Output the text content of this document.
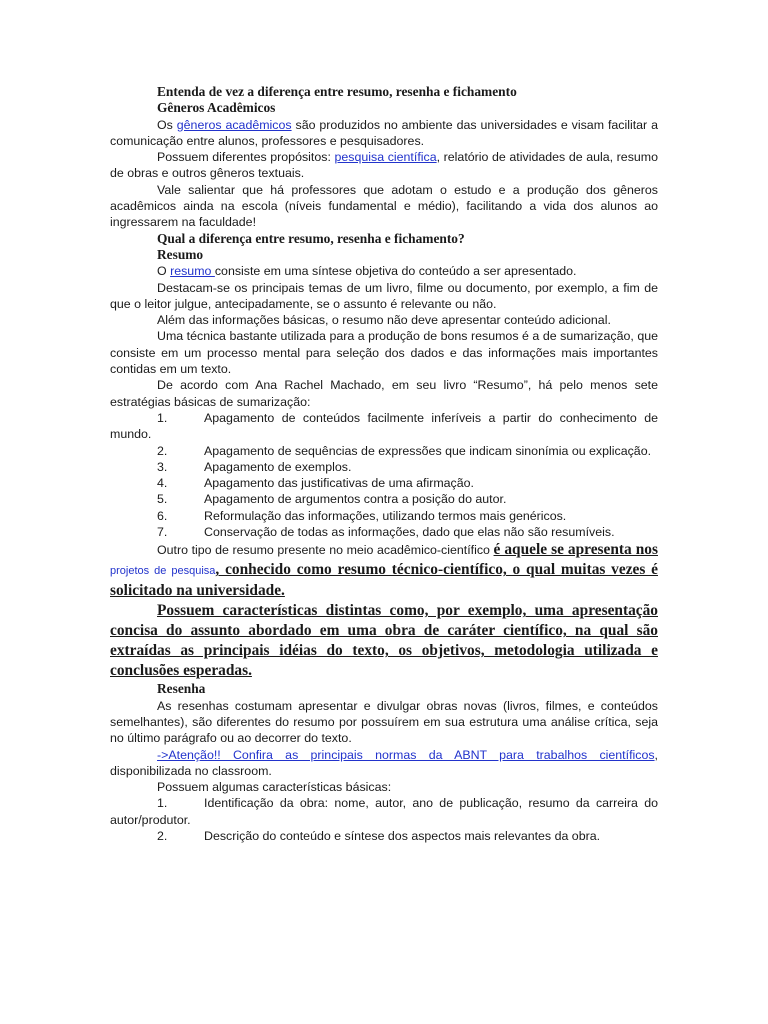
Entenda de vez a diferença entre resumo, resenha e fichamento

Gêneros Acadêmicos

Os gêneros acadêmicos são produzidos no ambiente das universidades e visam facilitar a comunicação entre alunos, professores e pesquisadores.

Possuem diferentes propósitos: pesquisa científica, relatório de atividades de aula, resumo de obras e outros gêneros textuais.

Vale salientar que há professores que adotam o estudo e a produção dos gêneros acadêmicos ainda na escola (níveis fundamental e médio), facilitando a vida dos alunos ao ingressarem na faculdade!

Qual a diferença entre resumo, resenha e fichamento?

Resumo

O resumo consiste em uma síntese objetiva do conteúdo a ser apresentado.

Destacam-se os principais temas de um livro, filme ou documento, por exemplo, a fim de que o leitor julgue, antecipadamente, se o assunto é relevante ou não.

Além das informações básicas, o resumo não deve apresentar conteúdo adicional.

Uma técnica bastante utilizada para a produção de bons resumos é a de sumarização, que consiste em um processo mental para seleção dos dados e das informações mais importantes contidas em um texto.

De acordo com Ana Rachel Machado, em seu livro “Resumo”, há pelo menos sete estratégias básicas de sumarização:

1.	Apagamento de conteúdos facilmente inferíveis a partir do conhecimento de mundo.

2.	Apagamento de sequências de expressões que indicam sinonímia ou explicação.

3.	Apagamento de exemplos.

4.	Apagamento das justificativas de uma afirmação.

5.	Apagamento de argumentos contra a posição do autor.

6.	Reformulação das informações, utilizando termos mais genéricos.

7.	Conservação de todas as informações, dado que elas não são resumíveis.

Outro tipo de resumo presente no meio acadêmico-científico é aquele se apresenta nos projetos de pesquisa, conhecido como resumo técnico-científico, o qual muitas vezes é solicitado na universidade.

Possuem características distintas como, por exemplo, uma apresentação concisa do assunto abordado em uma obra de caráter científico, na qual são extraídas as principais idéias do texto, os objetivos, metodologia utilizada e conclusões esperadas.

Resenha

As resenhas costumam apresentar e divulgar obras novas (livros, filmes, e conteúdos semelhantes), são diferentes do resumo por possuírem em sua estrutura uma análise crítica, seja no último parágrafo ou ao decorrer do texto.

->Atenção!! Confira as principais normas da ABNT para trabalhos científicos, disponibilizada no classroom.

Possuem algumas características básicas:

1.	Identificação da obra: nome, autor, ano de publicação, resumo da carreira do autor/produtor.

2.	Descrição do conteúdo e síntese dos aspectos mais relevantes da obra.
